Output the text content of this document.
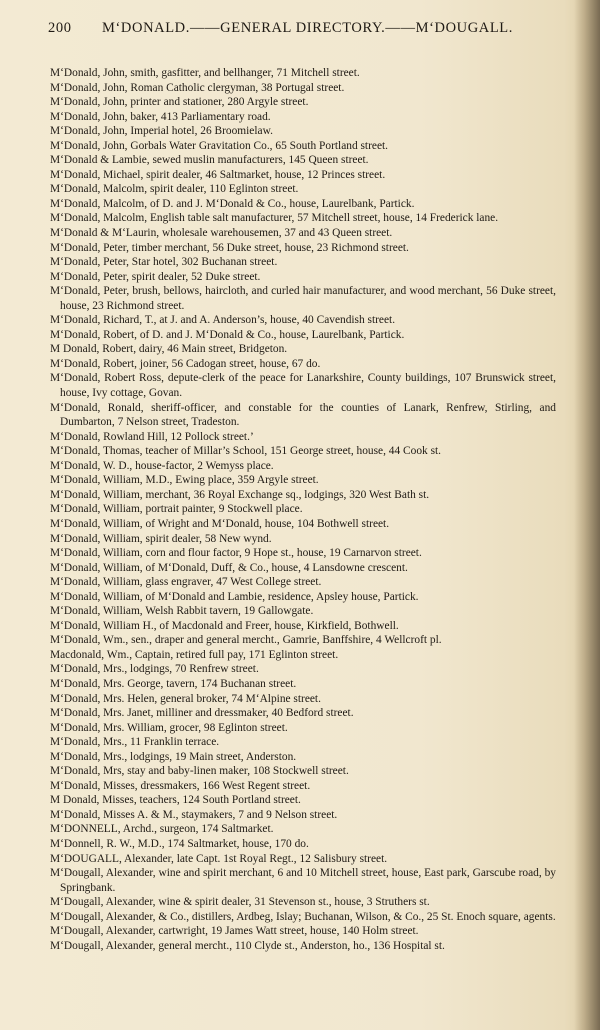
200 M‘DONALD.——GENERAL DIRECTORY.——M‘DOUGALL.

M‘Donald, John, smith, gasfitter, and bellhanger, 71 Mitchell street.

M‘Donald, John, Roman Catholic clergyman, 38 Portugal street.

M‘Donald, John, printer and stationer, 280 Argyle street.

M‘Donald, John, baker, 413 Parliamentary road.

M‘Donald, John, Imperial hotel, 26 Broomielaw.

M‘Donald, John, Gorbals Water Gravitation Co., 65 South Portland street.

M‘Donald & Lambie, sewed muslin manufacturers, 145 Queen street.

M‘Donald, Michael, spirit dealer, 46 Saltmarket, house, 12 Princes street.

M‘Donald, Malcolm, spirit dealer, 110 Eglinton street.

M‘Donald, Malcolm, of D. and J. M‘Donald & Co., house, Laurelbank, Partick.

M‘Donald, Malcolm, English table salt manufacturer, 57 Mitchell street, house, 14 Frederick lane.

M‘Donald & M‘Laurin, wholesale warehousemen, 37 and 43 Queen street.

M‘Donald, Peter, timber merchant, 56 Duke street, house, 23 Richmond street.

M‘Donald, Peter, Star hotel, 302 Buchanan street.

M‘Donald, Peter, spirit dealer, 52 Duke street.

M‘Donald, Peter, brush, bellows, haircloth, and curled hair manufacturer, and wood merchant, 56 Duke street, house, 23 Richmond street.

M‘Donald, Richard, T., at J. and A. Anderson’s, house, 40 Cavendish street.

M‘Donald, Robert, of D. and J. M‘Donald & Co., house, Laurelbank, Partick.

M Donald, Robert, dairy, 46 Main street, Bridgeton.

M‘Donald, Robert, joiner, 56 Cadogan street, house, 67 do.

M‘Donald, Robert Ross, depute-clerk of the peace for Lanarkshire, County buildings, 107 Brunswick street, house, Ivy cottage, Govan.

M‘Donald, Ronald, sheriff-officer, and constable for the counties of Lanark, Renfrew, Stirling, and Dumbarton, 7 Nelson street, Tradeston.

M‘Donald, Rowland Hill, 12 Pollock street.’

M‘Donald, Thomas, teacher of Millar’s School, 151 George street, house, 44 Cook st.

M‘Donald, W. D., house-factor, 2 Wemyss place.

M‘Donald, William, M.D., Ewing place, 359 Argyle street.

M‘Donald, William, merchant, 36 Royal Exchange sq., lodgings, 320 West Bath st.

M‘Donald, William, portrait painter, 9 Stockwell place.

M‘Donald, William, of Wright and M‘Donald, house, 104 Bothwell street.

M‘Donald, William, spirit dealer, 58 New wynd.

M‘Donald, William, corn and flour factor, 9 Hope st., house, 19 Carnarvon street.

M‘Donald, William, of M‘Donald, Duff, & Co., house, 4 Lansdowne crescent.

M‘Donald, William, glass engraver, 47 West College street.

M‘Donald, William, of M‘Donald and Lambie, residence, Apsley house, Partick.

M‘Donald, William, Welsh Rabbit tavern, 19 Gallowgate.

M‘Donald, William H., of Macdonald and Freer, house, Kirkfield, Bothwell.

M‘Donald, Wm., sen., draper and general mercht., Gamrie, Banffshire, 4 Wellcroft pl.

Macdonald, Wm., Captain, retired full pay, 171 Eglinton street.

M‘Donald, Mrs., lodgings, 70 Renfrew street.

M‘Donald, Mrs. George, tavern, 174 Buchanan street.

M‘Donald, Mrs. Helen, general broker, 74 M‘Alpine street.

M‘Donald, Mrs. Janet, milliner and dressmaker, 40 Bedford street.

M‘Donald, Mrs. William, grocer, 98 Eglinton street.

M‘Donald, Mrs., 11 Franklin terrace.

M‘Donald, Mrs., lodgings, 19 Main street, Anderston.

M‘Donald, Mrs, stay and baby-linen maker, 108 Stockwell street.

M‘Donald, Misses, dressmakers, 166 West Regent street.

M Donald, Misses, teachers, 124 South Portland street.

M‘Donald, Misses A. & M., staymakers, 7 and 9 Nelson street.

M‘DONNELL, Archd., surgeon, 174 Saltmarket.

M‘Donnell, R. W., M.D., 174 Saltmarket, house, 170 do.

M‘DOUGALL, Alexander, late Capt. 1st Royal Regt., 12 Salisbury street.

M‘Dougall, Alexander, wine and spirit merchant, 6 and 10 Mitchell street, house, East park, Garscube road, by Springbank.

M‘Dougall, Alexander, wine & spirit dealer, 31 Stevenson st., house, 3 Struthers st.

M‘Dougall, Alexander, & Co., distillers, Ardbeg, Islay; Buchanan, Wilson, & Co., 25 St. Enoch square, agents.

M‘Dougall, Alexander, cartwright, 19 James Watt street, house, 140 Holm street.

M‘Dougall, Alexander, general mercht., 110 Clyde st., Anderston, ho., 136 Hospital st.
